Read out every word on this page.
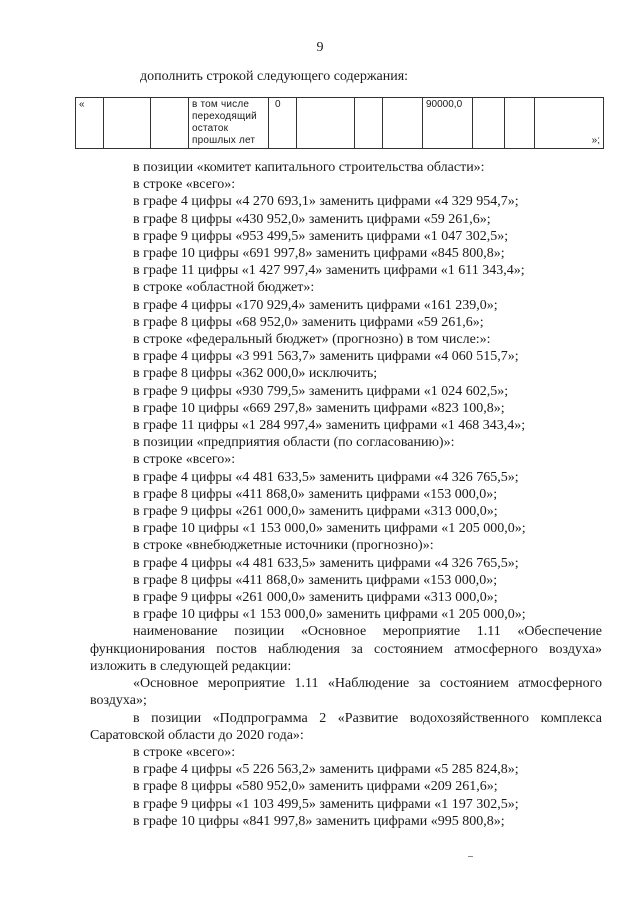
9
дополнить строкой следующего содержания:
«			в том числе
переходящий
остаток
прошлых лет
	0				90000,0			»;
в позиции «комитет капитального строительства области»:
в строке «всего»:
в графе 4 цифры «4 270 693,1» заменить цифрами «4 329 954,7»;
в графе 8 цифры «430 952,0» заменить цифрами «59 261,6»;
в графе 9 цифры «953 499,5» заменить цифрами «1 047 302,5»;
в графе 10 цифры «691 997,8» заменить цифрами «845 800,8»;
в графе 11 цифры «1 427 997,4» заменить цифрами «1 611 343,4»;
в строке «областной бюджет»:
в графе 4 цифры «170 929,4» заменить цифрами «161 239,0»;
в графе 8 цифры «68 952,0» заменить цифрами «59 261,6»;
в строке «федеральный бюджет» (прогнозно) в том числе:»:
в графе 4 цифры «3 991 563,7» заменить цифрами «4 060 515,7»;
в графе 8 цифры «362 000,0» исключить;
в графе 9 цифры «930 799,5» заменить цифрами «1 024 602,5»;
в графе 10 цифры «669 297,8» заменить цифрами «823 100,8»;
в графе 11 цифры «1 284 997,4» заменить цифрами «1 468 343,4»;
в позиции «предприятия области (по согласованию)»:
в строке «всего»:
в графе 4 цифры «4 481 633,5» заменить цифрами «4 326 765,5»;
в графе 8 цифры «411 868,0» заменить цифрами «153 000,0»;
в графе 9 цифры «261 000,0» заменить цифрами «313 000,0»;
в графе 10 цифры «1 153 000,0» заменить цифрами «1 205 000,0»;
в строке «внебюджетные источники (прогнозно)»:
в графе 4 цифры «4 481 633,5» заменить цифрами «4 326 765,5»;
в графе 8 цифры «411 868,0» заменить цифрами «153 000,0»;
в графе 9 цифры «261 000,0» заменить цифрами «313 000,0»;
в графе 10 цифры «1 153 000,0» заменить цифрами «1 205 000,0»;
наименование позиции «Основное мероприятие 1.11 «Обеспечение
функционирования постов наблюдения за состоянием атмосферного воздуха»
изложить в следующей редакции:
«Основное мероприятие 1.11 «Наблюдение за состоянием атмосферного
воздуха»;
в позиции «Подпрограмма 2 «Развитие водохозяйственного комплекса
Саратовской области до 2020 года»:
в строке «всего»:
в графе 4 цифры «5 226 563,2» заменить цифрами «5 285 824,8»;
в графе 8 цифры «580 952,0» заменить цифрами «209 261,6»;
в графе 9 цифры «1 103 499,5» заменить цифрами «1 197 302,5»;
в графе 10 цифры «841 997,8» заменить цифрами «995 800,8»;
